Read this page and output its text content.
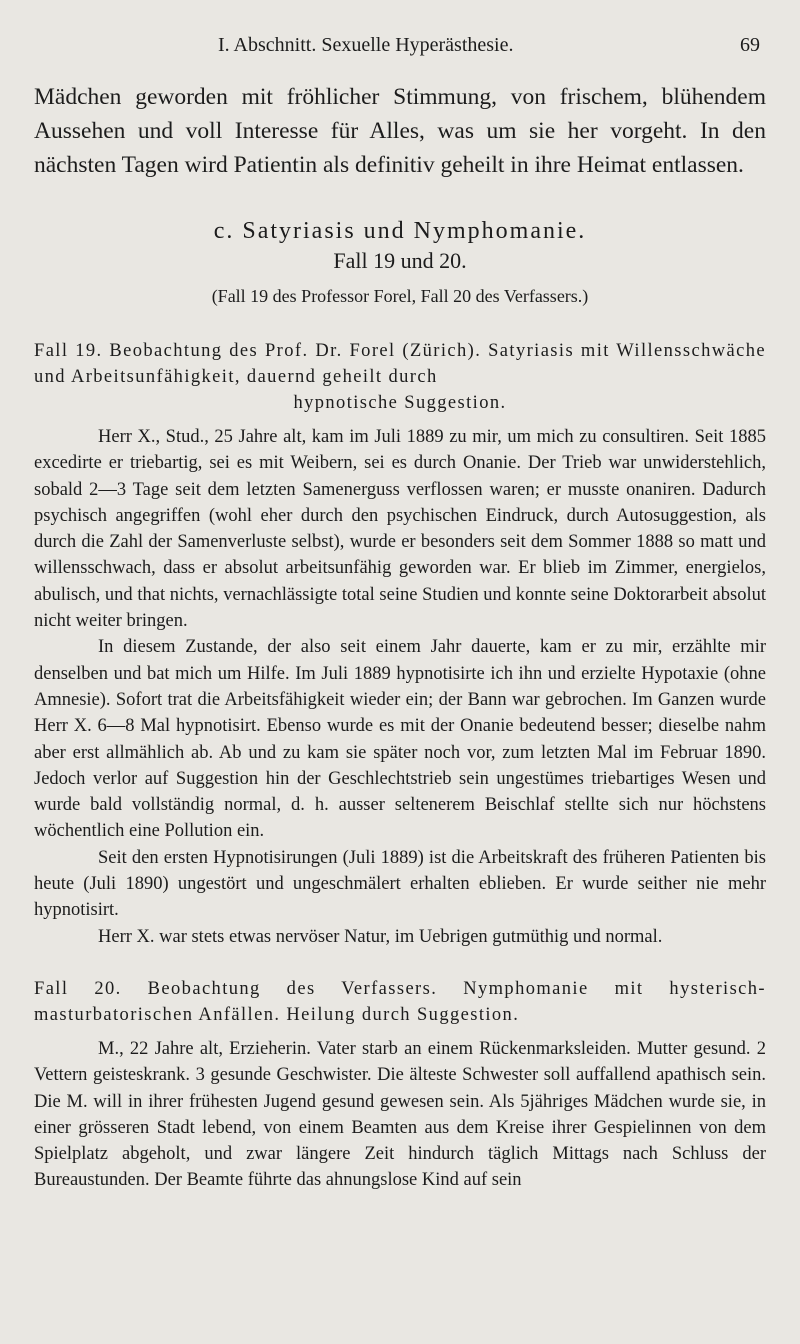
I. Abschnitt. Sexuelle Hyperästhesie.	69

Mädchen geworden mit fröhlicher Stimmung, von frischem, blühendem Aussehen und voll Interesse für Alles, was um sie her vorgeht. In den nächsten Tagen wird Patientin als definitiv geheilt in ihre Heimat entlassen.

c. Satyriasis und Nymphomanie.
Fall 19 und 20.
(Fall 19 des Professor Forel, Fall 20 des Verfassers.)
Fall 19. Beobachtung des Prof. Dr. Forel (Zürich). Satyriasis mit Willensschwäche und Arbeitsunfähigkeit, dauernd geheilt durch
hypnotische Suggestion.

Herr X., Stud., 25 Jahre alt, kam im Juli 1889 zu mir, um mich zu consultiren. Seit 1885 excedirte er triebartig, sei es mit Weibern, sei es durch Onanie. Der Trieb war unwiderstehlich, sobald 2—3 Tage seit dem letzten Samenerguss verflossen waren; er musste onaniren. Dadurch psychisch angegriffen (wohl eher durch den psychischen Eindruck, durch Autosuggestion, als durch die Zahl der Samenverluste selbst), wurde er besonders seit dem Sommer 1888 so matt und willensschwach, dass er absolut arbeitsunfähig geworden war. Er blieb im Zimmer, energielos, abulisch, und that nichts, vernachlässigte total seine Studien und konnte seine Doktorarbeit absolut nicht weiter bringen.

In diesem Zustande, der also seit einem Jahr dauerte, kam er zu mir, erzählte mir denselben und bat mich um Hilfe. Im Juli 1889 hypnotisirte ich ihn und erzielte Hypotaxie (ohne Amnesie). Sofort trat die Arbeitsfähigkeit wieder ein; der Bann war gebrochen. Im Ganzen wurde Herr X. 6—8 Mal hypnotisirt. Ebenso wurde es mit der Onanie bedeutend besser; dieselbe nahm aber erst allmählich ab. Ab und zu kam sie später noch vor, zum letzten Mal im Februar 1890. Jedoch verlor auf Suggestion hin der Geschlechtstrieb sein ungestümes triebartiges Wesen und wurde bald vollständig normal, d. h. ausser seltenerem Beischlaf stellte sich nur höchstens wöchentlich eine Pollution ein.

Seit den ersten Hypnotisirungen (Juli 1889) ist die Arbeitskraft des früheren Patienten bis heute (Juli 1890) ungestört und ungeschmälert erhalten eblieben. Er wurde seither nie mehr hypnotisirt.

Herr X. war stets etwas nervöser Natur, im Uebrigen gutmüthig und normal.

Fall 20. Beobachtung des Verfassers. Nymphomanie mit hysterisch-masturbatorischen Anfällen. Heilung durch Suggestion.

M., 22 Jahre alt, Erzieherin. Vater starb an einem Rückenmarksleiden. Mutter gesund. 2 Vettern geisteskrank. 3 gesunde Geschwister. Die älteste Schwester soll auffallend apathisch sein. Die M. will in ihrer frühesten Jugend gesund gewesen sein. Als 5jähriges Mädchen wurde sie, in einer grösseren Stadt lebend, von einem Beamten aus dem Kreise ihrer Gespielinnen von dem Spielplatz abgeholt, und zwar längere Zeit hindurch täglich Mittags nach Schluss der Bureaustunden. Der Beamte führte das ahnungslose Kind auf sein
